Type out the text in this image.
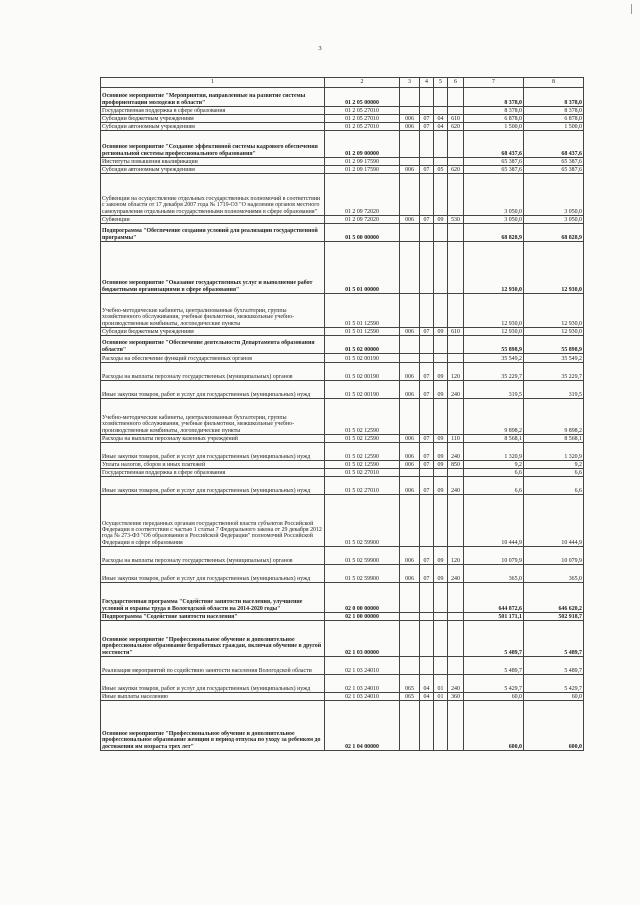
3
1	2	3	4	5	6	7	8
Основное мероприятие "Мероприятия, направленные на развитие системы профориентации молодежи в области"	01 2 05 00000					8 378,0	8 378,0
Государственная поддержка в сфере образования	01 2 05 27010					8 378,0	8 378,0
Субсидии бюджетным учреждениям	01 2 05 27010	006	07	04	610	6 878,0	6 878,0
Субсидии автономным учреждениям	01 2 05 27010	006	07	04	620	1 500,0	1 500,0
Основное мероприятие "Создание эффективной системы кадрового обеспечения региональной системы профессионального образования"	01 2 09 00000					68 437,6	68 437,6
Институты повышения квалификации	01 2 09 17590					65 387,6	65 387,6
Субсидии автономным учреждениям	01 2 09 17590	006	07	05	620	65 387,6	65 387,6
Субвенции на осуществление отдельных государственных полномочий в соответствии с законом области от 17 декабря 2007 года № 1719-ОЗ "О наделении органов местного самоуправления отдельными государственными полномочиями в сфере образования"	01 2 09 72020					3 050,0	3 050,0
Субвенции	01 2 09 72020	006	07	09	530	3 050,0	3 050,0
Подпрограмма "Обеспечение создания условий для реализации государственной программы"	01 5 00 00000					68 828,9	68 828,9
Основное мероприятие "Оказание государственных услуг и выполнение работ бюджетными организациями в сфере образования"	01 5 01 00000					12 930,0	12 930,0
Учебно-методические кабинеты, централизованные бухгалтерии, группы хозяйственного обслуживания, учебные фильмотеки, межшкольные учебно-производственные комбинаты, логопедические пункты	01 5 01 12590					12 930,0	12 930,0
Субсидии бюджетным учреждениям	01 5 01 12590	006	07	09	610	12 930,0	12 930,0
Основное мероприятие "Обеспечение деятельности Департамента образования области"	01 5 02 00000					55 898,9	55 898,9
Расходы на обеспечение функций государственных органов	01 5 02 00190					35 549,2	35 549,2
Расходы на выплаты персоналу государственных (муниципальных) органов	01 5 02 00190	006	07	09	120	35 229,7	35 229,7
Иные закупки товаров, работ и услуг для государственных (муниципальных) нужд	01 5 02 00190	006	07	09	240	319,5	319,5
Учебно-методические кабинеты, централизованные бухгалтерии, группы хозяйственного обслуживания, учебные фильмотеки, межшкольные учебно-производственные комбинаты, логопедические пункты	01 5 02 12590					9 898,2	9 898,2
Расходы на выплаты персоналу казенных учреждений	01 5 02 12590	006	07	09	110	8 568,1	8 568,1
Иные закупки товаров, работ и услуг для государственных (муниципальных) нужд	01 5 02 12590	006	07	09	240	1 320,9	1 320,9
Уплата налогов, сборов и иных платежей	01 5 02 12590	006	07	09	850	9,2	9,2
Государственная поддержка в сфере образования	01 5 02 27010					6,6	6,6
Иные закупки товаров, работ и услуг для государственных (муниципальных) нужд	01 5 02 27010	006	07	09	240	6,6	6,6
Осуществление переданных органам государственной власти субъектов Российской Федерации в соответствии с частью 1 статьи 7 Федерального закона от 29 декабря 2012 года № 273-ФЗ "Об образовании в Российской Федерации" полномочий Российской Федерации в сфере образования	01 5 02 59900					10 444,9	10 444,9
Расходы на выплаты персоналу государственных (муниципальных) органов	01 5 02 59900	006	07	09	120	10 079,9	10 079,9
Иные закупки товаров, работ и услуг для государственных (муниципальных) нужд	01 5 02 59900	006	07	09	240	365,0	365,0
Государственная программа "Содействие занятости населения, улучшение условий и охраны труда в Вологодской области на 2014-2020 годы"	02 0 00 00000					644 872,6	646 620,2
Подпрограмма "Содействие занятости населения"	02 1 00 00000					501 171,1	502 918,7
Основное мероприятие "Профессиональное обучение и дополнительное профессиональное образование безработных граждан, включая обучение в другой местности"	02 1 03 00000					5 489,7	5 489,7
Реализация мероприятий по содействию занятости населения Вологодской области	02 1 03 24010					5 489,7	5 489,7
Иные закупки товаров, работ и услуг для государственных (муниципальных) нужд	02 1 03 24010	065	04	01	240	5 429,7	5 429,7
Иные выплаты населению	02 1 03 24010	065	04	01	360	60,0	60,0
Основное мероприятие "Профессиональное обучение и дополнительное профессиональное образование женщин в период отпуска по уходу за ребенком до достижения им возраста трех лет"	02 1 04 00000					600,0	600,0
